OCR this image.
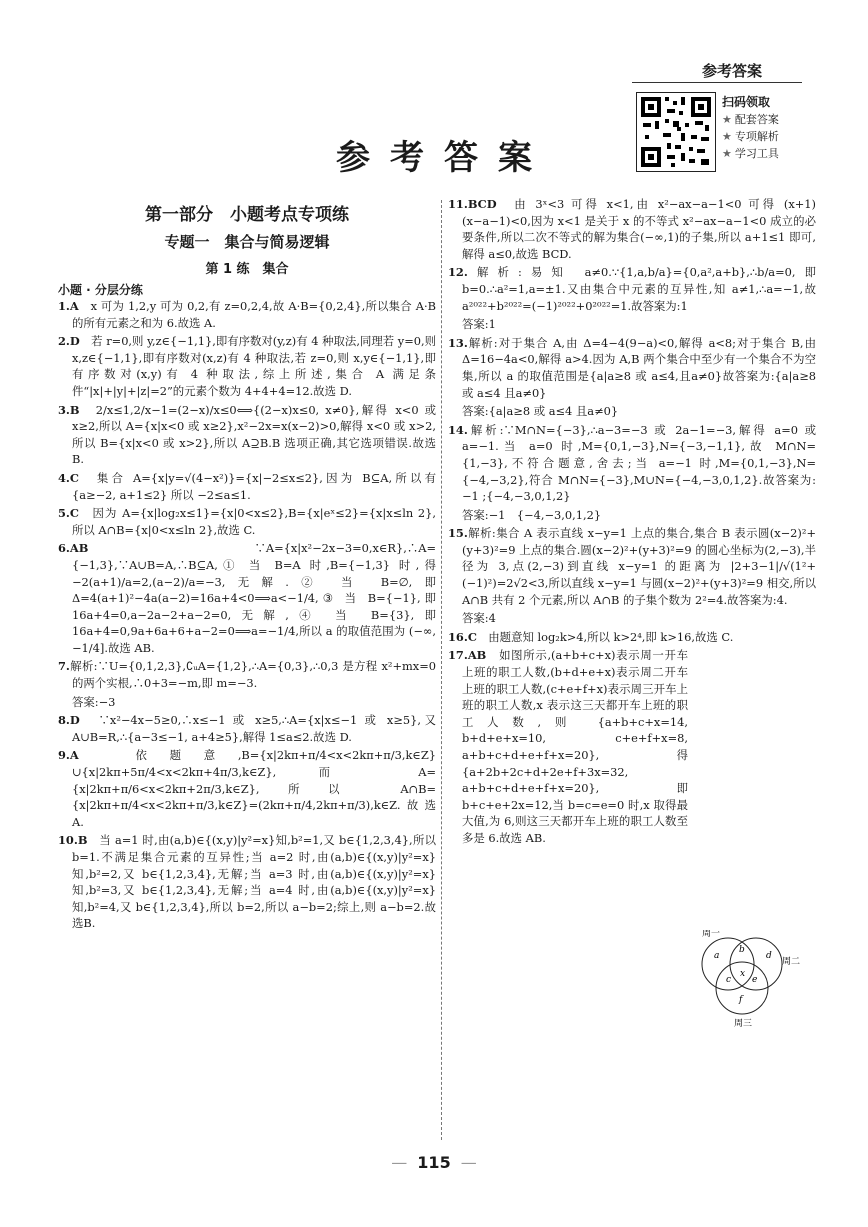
参考答案
扫码领取
★ 配套答案
★ 专项解析
★ 学习工具
参考答案
第一部分　小题考点专项练
专题一　集合与简易逻辑
第 1 练　集合
小题 · 分层分练
1.A　x 可为 1,2,y 可为 0,2,有 z=0,2,4,故 A·B={0,2,4},所以集合 A·B 的所有元素之和为 6.故选 A.
2.D　若 r=0,则 y,z∈{−1,1},即有序数对(y,z)有 4 种取法,同理若 y=0,则 x,z∈{−1,1},即有序数对(x,z)有 4 种取法,若 z=0,则 x,y∈{−1,1},即有序数对(x,y)有 4 种取法,综上所述,集合 A 满足条件“|x|+|y|+|z|=2”的元素个数为 4+4+4=12.故选 D.
3.B　2/x≤1,2/x−1=(2−x)/x≤0⟺{(2−x)x≤0, x≠0},解得 x<0 或 x≥2,所以 A={x|x<0 或 x≥2},x²−2x=x(x−2)>0,解得 x<0 或 x>2,所以 B={x|x<0 或 x>2},所以 A⊇B.B 选项正确,其它选项错误.故选 B.
4.C　集合 A={x|y=√(4−x²)}={x|−2≤x≤2},因为 B⊆A,所以有 {a≥−2, a+1≤2} 所以 −2≤a≤1.
5.C　因为 A={x|log₂x≤1}={x|0<x≤2},B={x|eˣ≤2}={x|x≤ln 2},所以 A∩B={x|0<x≤ln 2},故选 C.
6.AB　∵A={x|x²−2x−3=0,x∈R},∴A={−1,3},∵A∪B=A,∴B⊆A,① 当 B=A 时,B={−1,3} 时,得 −2(a+1)/a=2,(a−2)/a=−3,无解.② 当 B=∅,即 Δ=4(a+1)²−4a(a−2)=16a+4<0⟹a<−1/4,③ 当 B={−1},即 16a+4=0,a−2a−2+a−2=0,无解,④ 当 B={3},即 16a+4=0,9a+6a+6+a−2=0⟹a=−1/4,所以 a 的取值范围为 (−∞,−1/4].故选 AB.
7.解析:∵U={0,1,2,3},∁ᵤA={1,2},∴A={0,3},∴0,3 是方程 x²+mx=0 的两个实根,∴0+3=−m,即 m=−3.
答案:−3
8.D　∵x²−4x−5≥0,∴x≤−1 或 x≥5,∴A={x|x≤−1 或 x≥5},又 A∪B=R,∴{a−3≤−1, a+4≥5},解得 1≤a≤2.故选 D.
9.A　依题意,B={x|2kπ+π/4<x<2kπ+π/3,k∈Z}∪{x|2kπ+5π/4<x<2kπ+4π/3,k∈Z},而 A={x|2kπ+π/6<x<2kπ+2π/3,k∈Z},所以 A∩B={x|2kπ+π/4<x<2kπ+π/3,k∈Z}=(2kπ+π/4,2kπ+π/3),k∈Z.故选 A.
10.B　当 a=1 时,由(a,b)∈{(x,y)|y²=x}知,b²=1,又 b∈{1,2,3,4},所以 b=1.不满足集合元素的互异性;当 a=2 时,由(a,b)∈{(x,y)|y²=x}知,b²=2,又 b∈{1,2,3,4},无解;当 a=3 时,由(a,b)∈{(x,y)|y²=x}知,b²=3,又 b∈{1,2,3,4},无解;当 a=4 时,由(a,b)∈{(x,y)|y²=x}知,b²=4,又 b∈{1,2,3,4},所以 b=2,所以 a−b=2;综上,则 a−b=2.故选B.
11.BCD　由 3ˣ<3 可得 x<1,由 x²−ax−a−1<0 可得 (x+1)(x−a−1)<0,因为 x<1 是关于 x 的不等式 x²−ax−a−1<0 成立的必要条件,所以二次不等式的解为集合(−∞,1)的子集,所以 a+1≤1 即可,解得 a≤0,故选 BCD.
12.解析:易知 a≠0.∵{1,a,b/a}={0,a²,a+b},∴b/a=0,即 b=0.∴a²=1,a=±1.又由集合中元素的互异性,知 a≠1,∴a=−1,故 a²⁰²²+b²⁰²²=(−1)²⁰²²+0²⁰²²=1.故答案为:1
答案:1
13.解析:对于集合 A,由 Δ=4−4(9−a)<0,解得 a<8;对于集合 B,由 Δ=16−4a<0,解得 a>4.因为 A,B 两个集合中至少有一个集合不为空集,所以 a 的取值范围是{a|a≥8 或 a≤4,且a≠0}故答案为:{a|a≥8 或 a≤4 且a≠0}
答案:{a|a≥8 或 a≤4 且a≠0}
14.解析:∵M∩N={−3},∴a−3=−3 或 2a−1=−3,解得 a=0 或 a=−1.当 a=0 时,M={0,1,−3},N={−3,−1,1},故 M∩N={1,−3},不符合题意,舍去;当 a=−1 时,M={0,1,−3},N={−4,−3,2},符合 M∩N={−3},M∪N={−4,−3,0,1,2}.故答案为:−1 ;{−4,−3,0,1,2}
答案:−1　{−4,−3,0,1,2}
15.解析:集合 A 表示直线 x−y=1 上点的集合,集合 B 表示圆(x−2)²+(y+3)²=9 上点的集合.圆(x−2)²+(y+3)²=9 的圆心坐标为(2,−3),半径为 3,点(2,−3)到直线 x−y=1 的距离为 |2+3−1|/√(1²+(−1)²)=2√2<3,所以直线 x−y=1 与圆(x−2)²+(y+3)²=9 相交,所以 A∩B 共有 2 个元素,所以 A∩B 的子集个数为 2²=4.故答案为:4.
答案:4
16.C　由题意知 log₂k>4,所以 k>2⁴,即 k>16,故选 C.
17.AB　如图所示,(a+b+c+x)表示周一开车上班的职工人数,(b+d+e+x)表示周二开车上班的职工人数,(c+e+f+x)表示周三开车上班的职工人数,x 表示这三天都开车上班的职工人数,则 {a+b+c+x=14, b+d+e+x=10, c+e+f+x=8, a+b+c+d+e+f+x=20},得 {a+2b+2c+d+2e+f+3x=32, a+b+c+d+e+f+x=20},即 b+c+e+2x=12,当 b=c=e=0 时,x 取得最大值,为 6,则这三天都开车上班的职工人数至多是 6.故选 AB.
周一
周二
周三
a
b
c
x
d
e
f
— 115 —
